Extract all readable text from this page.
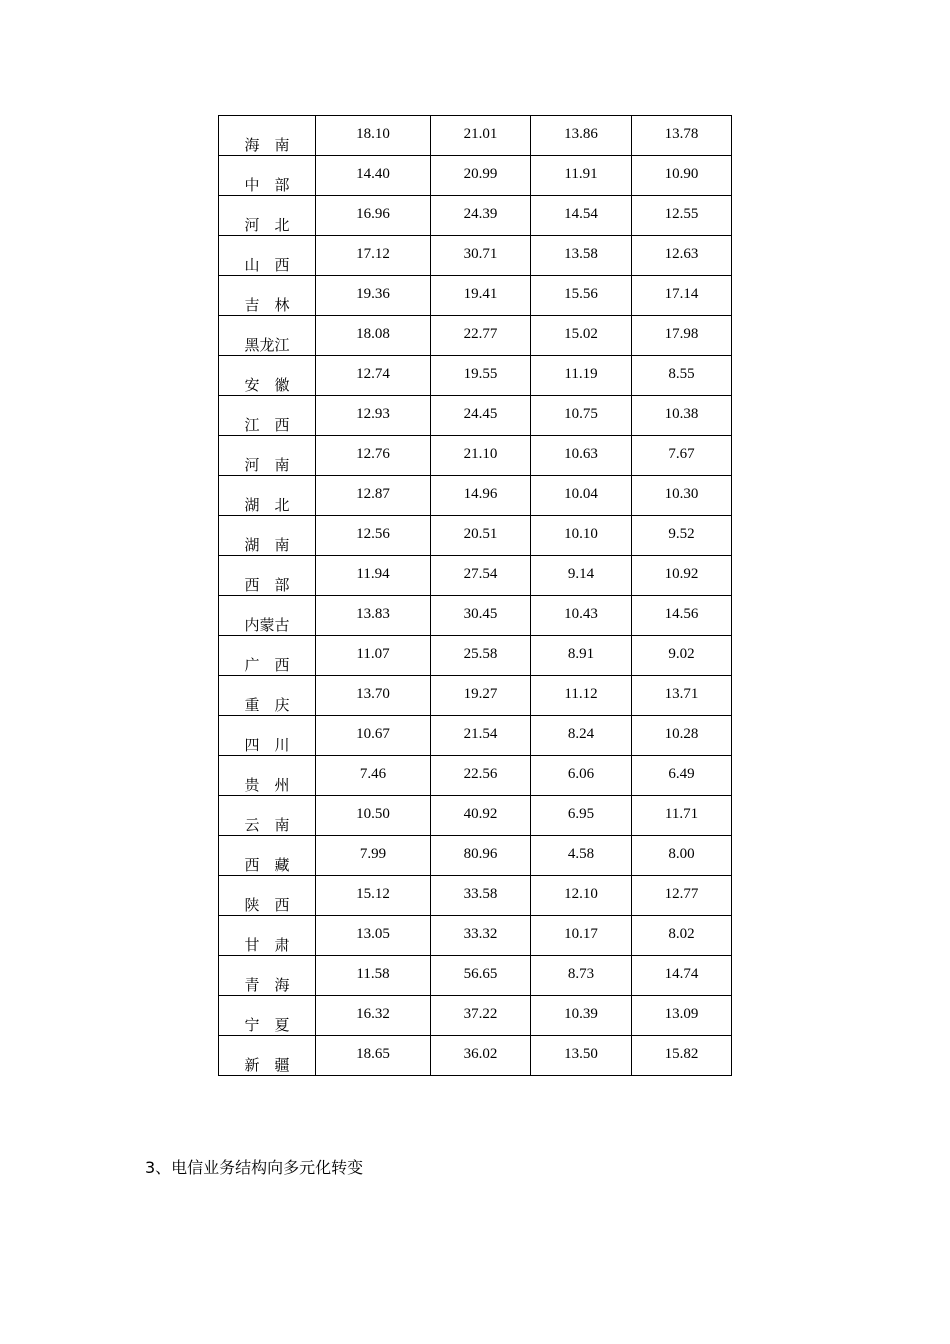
海　南	18.10	21.01	13.86	13.78
中　部	14.40	20.99	11.91	10.90
河　北	16.96	24.39	14.54	12.55
山　西	17.12	30.71	13.58	12.63
吉　林	19.36	19.41	15.56	17.14
黑龙江	18.08	22.77	15.02	17.98
安　徽	12.74	19.55	11.19	8.55
江　西	12.93	24.45	10.75	10.38
河　南	12.76	21.10	10.63	7.67
湖　北	12.87	14.96	10.04	10.30
湖　南	12.56	20.51	10.10	9.52
西　部	11.94	27.54	9.14	10.92
内蒙古	13.83	30.45	10.43	14.56
广　西	11.07	25.58	8.91	9.02
重　庆	13.70	19.27	11.12	13.71
四　川	10.67	21.54	8.24	10.28
贵　州	7.46	22.56	6.06	6.49
云　南	10.50	40.92	6.95	11.71
西　藏	7.99	80.96	4.58	8.00
陕　西	15.12	33.58	12.10	12.77
甘　肃	13.05	33.32	10.17	8.02
青　海	11.58	56.65	8.73	14.74
宁　夏	16.32	37.22	10.39	13.09
新　疆	18.65	36.02	13.50	15.82
3、电信业务结构向多元化转变
